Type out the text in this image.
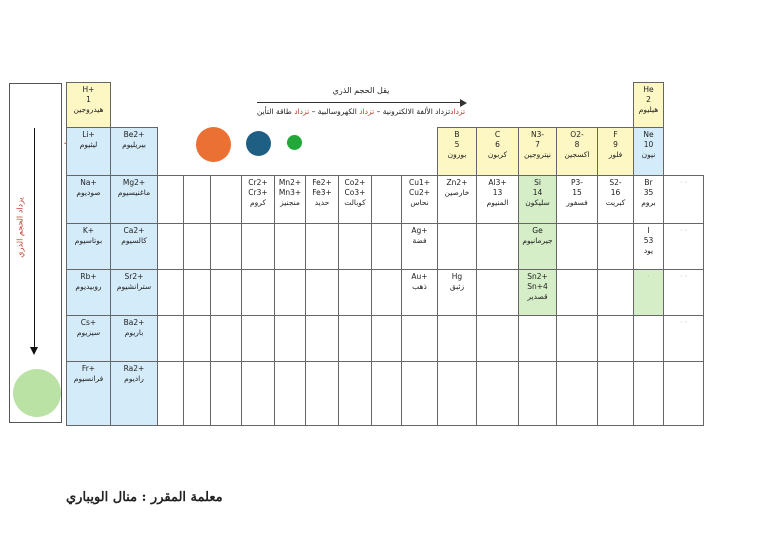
يزداد الحجم الذري
يقل الحجم الذري
تزدادتزداد الألفة الالكترونية – تزداد الكهروسالبية – تزداد طاقة التأين
H+
1
هيدروجين
He
2
هيليوم
Li+
ليثيوم
Be2+
بيريليوم
B
5
بورون
C
6
كربون
N3-
7
نيتروجين
O2-
8
اكسجين
F
9
فلور
Ne
10
نيون
Na+
صوديوم
Mg2+
ماغنيسيوم
Cr2+
Cr3+
كروم
Mn2+
Mn3+
منجنيز
Fe2+
Fe3+
حديد
Co2+
Co3+
كوبالت
Cu1+
Cu2+
نحاس
Zn2+
خارصين
Al3+
13
المنيوم
Si
14
سليكون
P3-
15
فسفور
S2-
16
كبريت
Br
35
بروم
· ·
K+
بوتاسيوم
Ca2+
كالسيوم
Ag+
فضة
Ge
جيرمانيوم
I
53
يود
· ·
Rb+
روبيديوم
Sr2+
سترانشيوم
Au+
ذهب
Hg
زئبق
Sn2+
Sn+4
قصدير
·	· ·
Cs+
سيزيوم
Ba2+
باريوم
· ·
Fr+
فرانسيوم
Ra2+
راديوم
معلمة المقرر : منال الويباري
